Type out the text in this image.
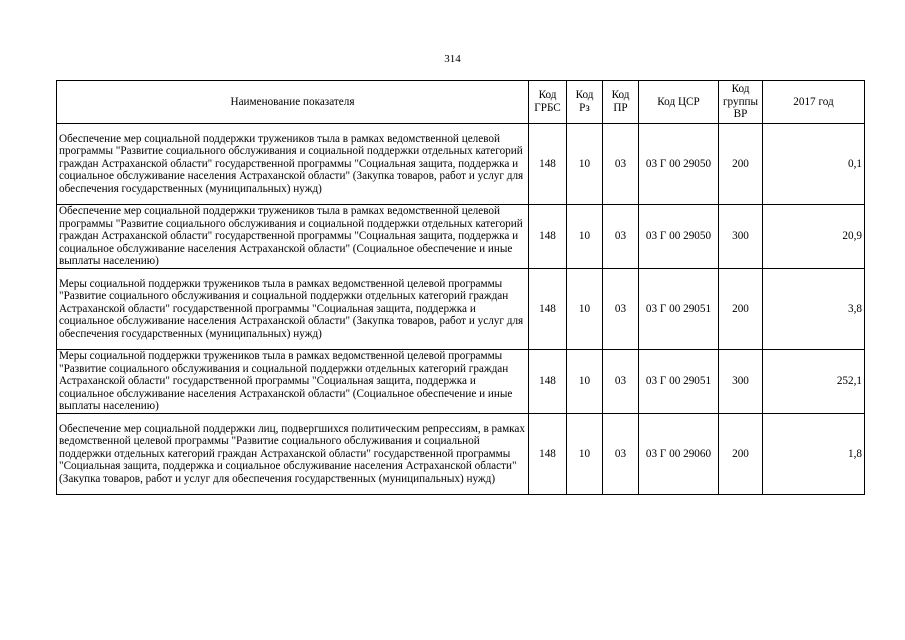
314
Наименование показателя	Код ГРБС	Код Рз	Код ПР	Код ЦСР	Код группы ВР	2017 год
Обеспечение мер социальной поддержки тружеников тыла в рамках ведомственной целевой программы "Развитие социального обслуживания и социальной поддержки отдельных категорий граждан Астраханской области" государственной программы "Социальная защита, поддержка и социальное обслуживание населения Астраханской области" (Закупка товаров, работ и услуг для обеспечения государственных (муниципальных) нужд)	148	10	03	03 Г 00 29050	200	0,1
Обеспечение мер социальной поддержки тружеников тыла в рамках ведомственной целевой программы "Развитие социального обслуживания и социальной поддержки отдельных категорий граждан Астраханской области" государственной программы "Социальная защита, поддержка и социальное обслуживание населения Астраханской области" (Социальное обеспечение и иные выплаты населению)	148	10	03	03 Г 00 29050	300	20,9
Меры социальной поддержки тружеников тыла в рамках ведомственной целевой программы "Развитие социального обслуживания и социальной поддержки отдельных категорий граждан Астраханской области" государственной программы "Социальная защита, поддержка и социальное обслуживание населения Астраханской области" (Закупка товаров, работ и услуг для обеспечения государственных (муниципальных) нужд)	148	10	03	03 Г 00 29051	200	3,8
Меры социальной поддержки тружеников тыла в рамках ведомственной целевой программы "Развитие социального обслуживания и социальной поддержки отдельных категорий граждан Астраханской области" государственной программы "Социальная защита, поддержка и социальное обслуживание населения Астраханской области" (Социальное обеспечение и иные выплаты населению)	148	10	03	03 Г 00 29051	300	252,1
Обеспечение мер социальной поддержки лиц, подвергшихся политическим репрессиям, в рамках ведомственной целевой программы "Развитие социального обслуживания и социальной поддержки отдельных категорий граждан Астраханской области" государственной программы "Социальная защита, поддержка и социальное обслуживание населения Астраханской области" (Закупка товаров, работ и услуг для обеспечения государственных (муниципальных) нужд)	148	10	03	03 Г 00 29060	200	1,8
